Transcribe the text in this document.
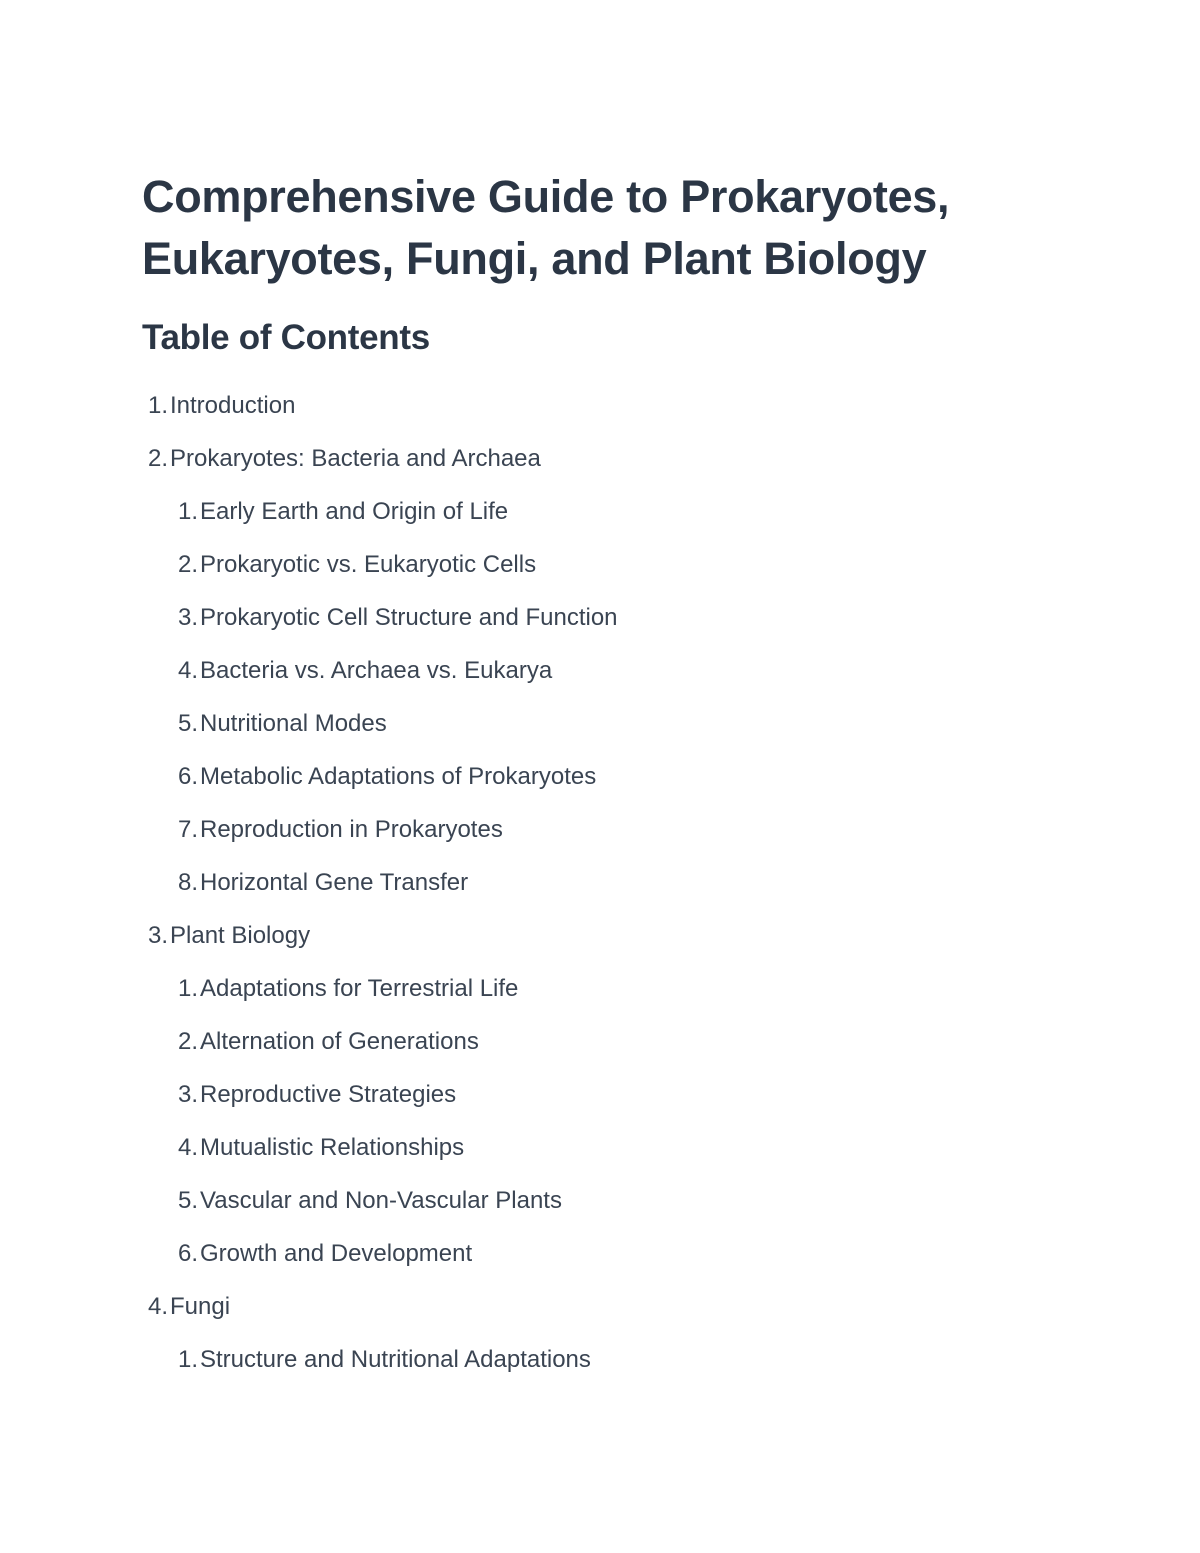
Comprehensive Guide to Prokaryotes, Eukaryotes, Fungi, and Plant Biology
Table of Contents
1. Introduction
2. Prokaryotes: Bacteria and Archaea
1. Early Earth and Origin of Life
2. Prokaryotic vs. Eukaryotic Cells
3. Prokaryotic Cell Structure and Function
4. Bacteria vs. Archaea vs. Eukarya
5. Nutritional Modes
6. Metabolic Adaptations of Prokaryotes
7. Reproduction in Prokaryotes
8. Horizontal Gene Transfer
3. Plant Biology
1. Adaptations for Terrestrial Life
2. Alternation of Generations
3. Reproductive Strategies
4. Mutualistic Relationships
5. Vascular and Non-Vascular Plants
6. Growth and Development
4. Fungi
1. Structure and Nutritional Adaptations
